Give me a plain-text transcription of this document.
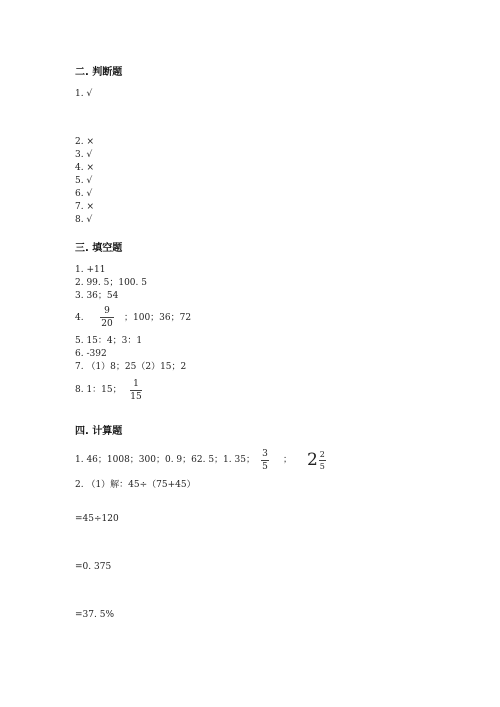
二. 判断题
1. √
2. ×
3. √
4. ×
5. √
6. √
7. ×
8. √
三. 填空题
1. +11
2. 99. 5；100. 5
3. 36；54
4.
9
20
；100；36；72
5. 15：4；3：1
6. -392
7. （1）8；25（2）15；2
8. 1：15；
1
15
四. 计算题
1. 46；1008；300；0. 9；62. 5；1. 35；
3
5
； $2 \frac{2}{5}$
2. （1）解：45÷（75+45）
=45÷120
=0. 375
=37. 5%
